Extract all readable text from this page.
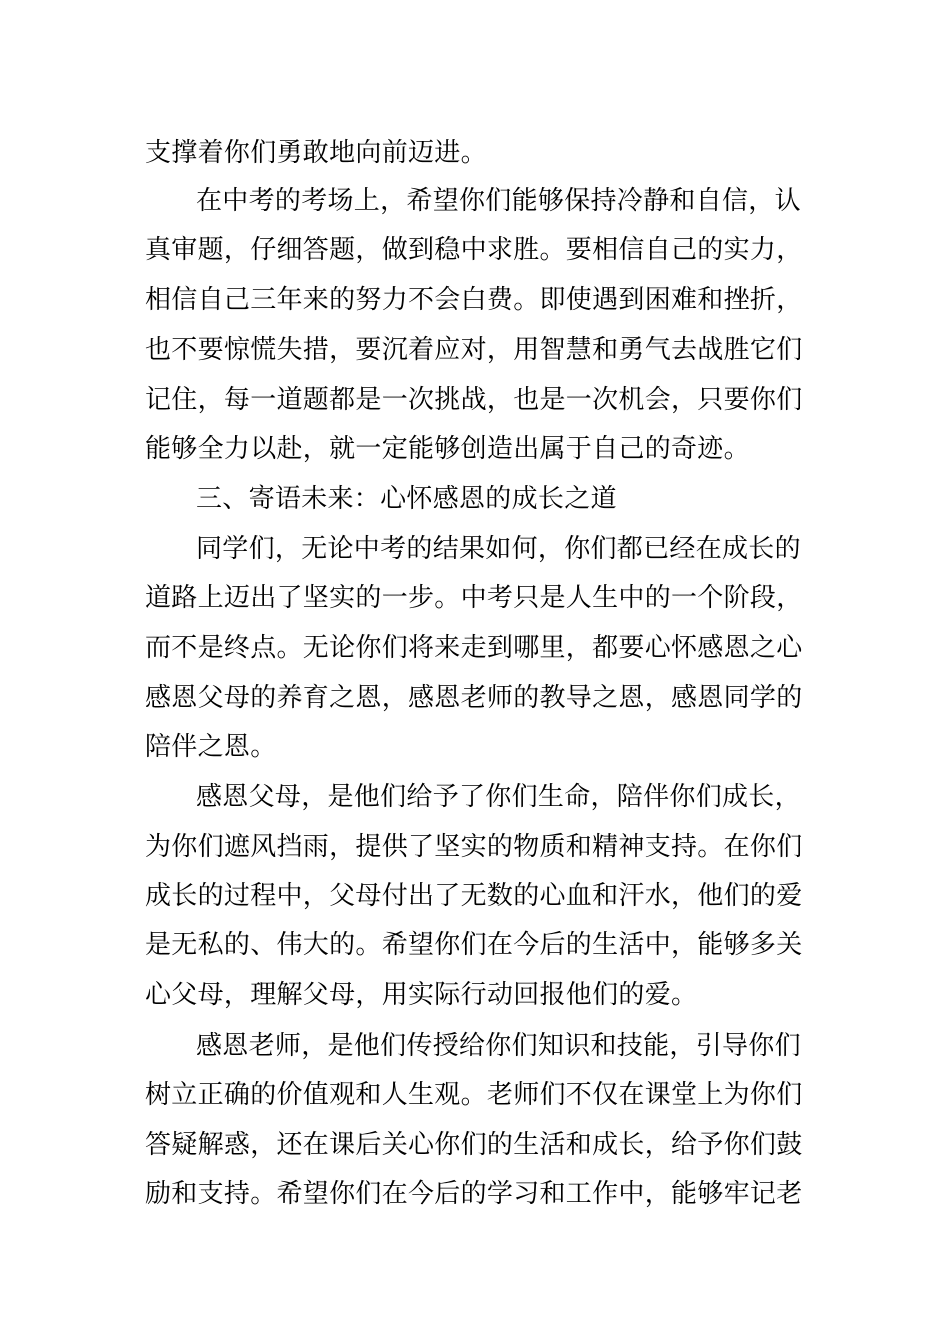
支撑着你们勇敢地向前迈进。
在中考的考场上，希望你们能够保持冷静和自信，认
真审题，仔细答题，做到稳中求胜。要相信自己的实力，
相信自己三年来的努力不会白费。即使遇到困难和挫折，
也不要惊慌失措，要沉着应对，用智慧和勇气去战胜它们
记住，每一道题都是一次挑战，也是一次机会，只要你们
能够全力以赴，就一定能够创造出属于自己的奇迹。
三、寄语未来：心怀感恩的成长之道
同学们，无论中考的结果如何，你们都已经在成长的
道路上迈出了坚实的一步。中考只是人生中的一个阶段，
而不是终点。无论你们将来走到哪里，都要心怀感恩之心
感恩父母的养育之恩，感恩老师的教导之恩，感恩同学的
陪伴之恩。
感恩父母，是他们给予了你们生命，陪伴你们成长，
为你们遮风挡雨，提供了坚实的物质和精神支持。在你们
成长的过程中，父母付出了无数的心血和汗水，他们的爱
是无私的、伟大的。希望你们在今后的生活中，能够多关
心父母，理解父母，用实际行动回报他们的爱。
感恩老师，是他们传授给你们知识和技能，引导你们
树立正确的价值观和人生观。老师们不仅在课堂上为你们
答疑解惑，还在课后关心你们的生活和成长，给予你们鼓
励和支持。希望你们在今后的学习和工作中，能够牢记老
